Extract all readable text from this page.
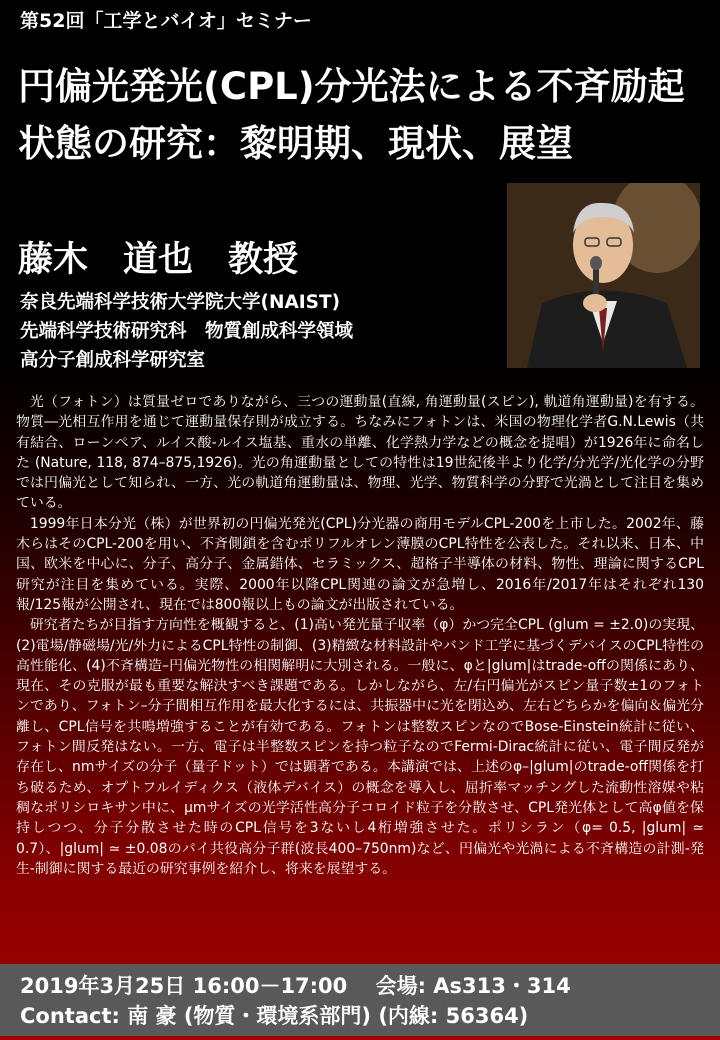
第52回「工学とバイオ」セミナー
円偏光発光(CPL)分光法による不斉励起状態の研究：黎明期、現状、展望
藤木　道也　教授
奈良先端科学技術大学院大学(NAIST)
先端科学技術研究科　物質創成科学領域
高分子創成科学研究室

光（フォトン）は質量ゼロでありながら、三つの運動量(直線, 角運動量(スピン), 軌道角運動量)を有する。物質―光相互作用を通じて運動量保存則が成立する。ちなみにフォトンは、米国の物理化学者G.N.Lewis（共有結合、ローンペア、ルイス酸-ルイス塩基、重水の単離、化学熱力学などの概念を提唱）が1926年に命名した (Nature, 118, 874–875,1926)。光の角運動量としての特性は19世紀後半より化学/分光学/光化学の分野では円偏光として知られ、一方、光の軌道角運動量は、物理、光学、物質科学の分野で光渦として注目を集めている。

1999年日本分光（株）が世界初の円偏光発光(CPL)分光器の商用モデルCPL-200を上市した。2002年、藤木らはそのCPL-200を用い、不斉側鎖を含むポリフルオレン薄膜のCPL特性を公表した。それ以来、日本、中国、欧米を中心に、分子、高分子、金属錯体、セラミックス、超格子半導体の材料、物性、理論に関するCPL研究が注目を集めている。実際、2000年以降CPL関連の論文が急増し、2016年/2017年はそれぞれ130報/125報が公開され、現在では800報以上もの論文が出版されている。

研究者たちが目指す方向性を概観すると、(1)高い発光量子収率（φ）かつ完全CPL (glum = ±2.0)の実現、(2)電場/静磁場/光/外力によるCPL特性の制御、(3)精緻な材料設計やバンド工学に基づくデバイスのCPL特性の高性能化、(4)不斉構造–円偏光物性の相関解明に大別される。一般に、φと|glum|はtrade-offの関係にあり、現在、その克服が最も重要な解決すべき課題である。しかしながら、左/右円偏光がスピン量子数±1のフォトンであり、フォトン–分子間相互作用を最大化するには、共振器中に光を閉込め、左右どちらかを偏向＆偏光分離し、CPL信号を共鳴増強することが有効である。フォトンは整数スピンなのでBose-Einstein統計に従い、フォトン間反発はない。一方、電子は半整数スピンを持つ粒子なのでFermi-Dirac統計に従い、電子間反発が存在し、nmサイズの分子（量子ドット）では顕著である。本講演では、上述のφ–|glum|のtrade-off関係を打ち破るため、オプトフルイディクス（液体デバイス）の概念を導入し、屈折率マッチングした流動性溶媒や粘稠なポリシロキサン中に、μmサイズの光学活性高分子コロイド粒子を分散させ、CPL発光体として高φ値を保持しつつ、分子分散させた時のCPL信号を3ないし4桁増強させた。ポリシラン（φ= 0.5, |glum| ≃ 0.7）、|glum| ≃ ±0.08のパイ共役高分子群(波長400–750nm)など、円偏光や光渦による不斉構造の計測-発生-制御に関する最近の研究事例を紹介し、将来を展望する。

2019年3月25日 16:00－17:00　 会場: As313・314
Contact: 南 豪 (物質・環境系部門) (内線: 56364)
